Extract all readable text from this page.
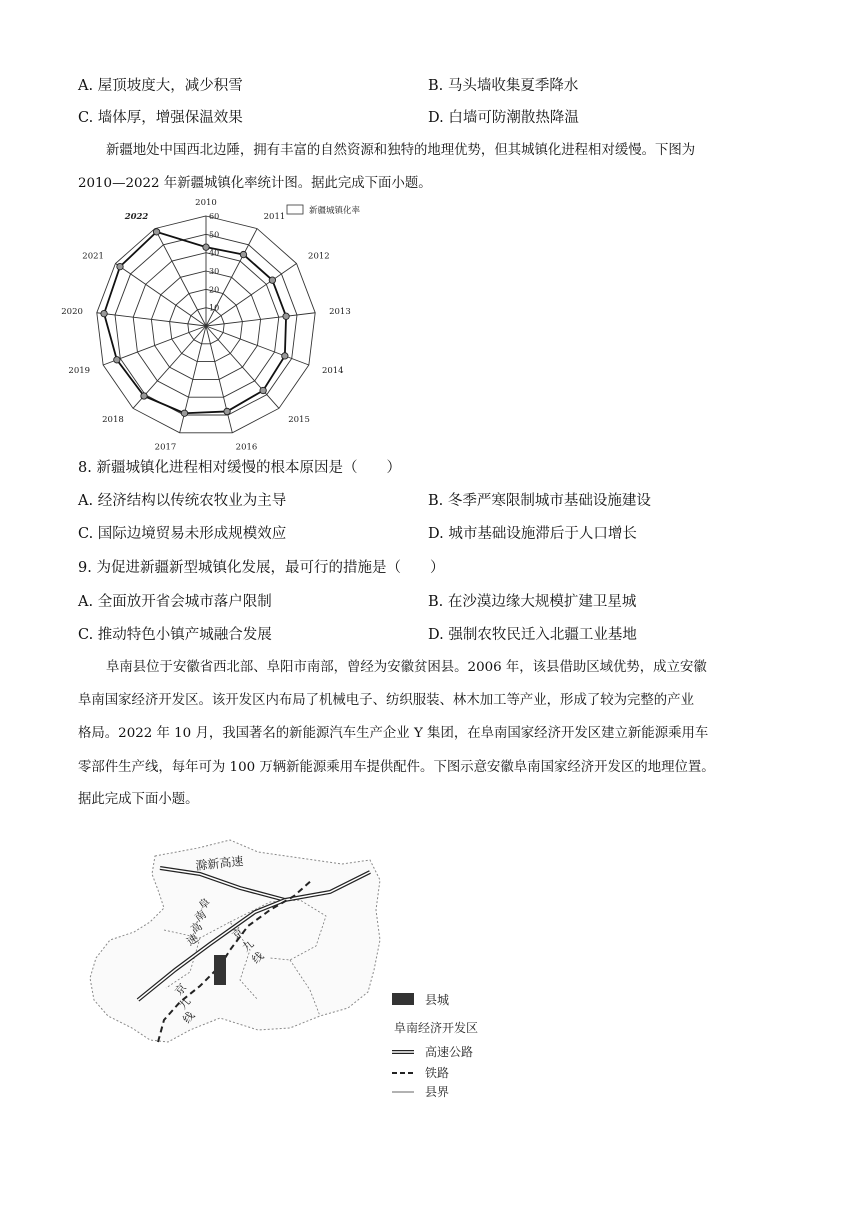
A. 屋顶坡度大，减少积雪	B. 马头墙收集夏季降水
C. 墙体厚，增强保温效果	D. 白墙可防潮散热降温
新疆地处中国西北边陲，拥有丰富的自然资源和独特的地理优势，但其城镇化进程相对缓慢。下图为
2010—2022 年新疆城镇化率统计图。据此完成下面小题。
10
20
30
40
50
60
2010
2011
2012
2013
2014
2015
2016
2017
2018
2019
2020
2021
2022
新疆城镇化率
8. 新疆城镇化进程相对缓慢的根本原因是（　　）
A. 经济结构以传统农牧业为主导	B. 冬季严寒限制城市基础设施建设
C. 国际边境贸易未形成规模效应	D. 城市基础设施滞后于人口增长
9. 为促进新疆新型城镇化发展，最可行的措施是（　　）
A. 全面放开省会城市落户限制	B. 在沙漠边缘大规模扩建卫星城
C. 推动特色小镇产城融合发展	D. 强制农牧民迁入北疆工业基地
阜南县位于安徽省西北部、阜阳市南部，曾经为安徽贫困县。2006 年，该县借助区域优势，成立安徽
阜南国家经济开发区。该开发区内布局了机械电子、纺织服装、林木加工等产业，形成了较为完整的产业
格局。2022 年 10 月，我国著名的新能源汽车生产企业 Y 集团，在阜南国家经济开发区建立新能源乘用车
零部件生产线，每年可为 100 万辆新能源乘用车提供配件。下图示意安徽阜南国家经济开发区的地理位置。
据此完成下面小题。
滁新高速
阜
南
高
速	京
九
线
京
九
线
县城
阜南经济开发区
高速公路
铁路
县界
